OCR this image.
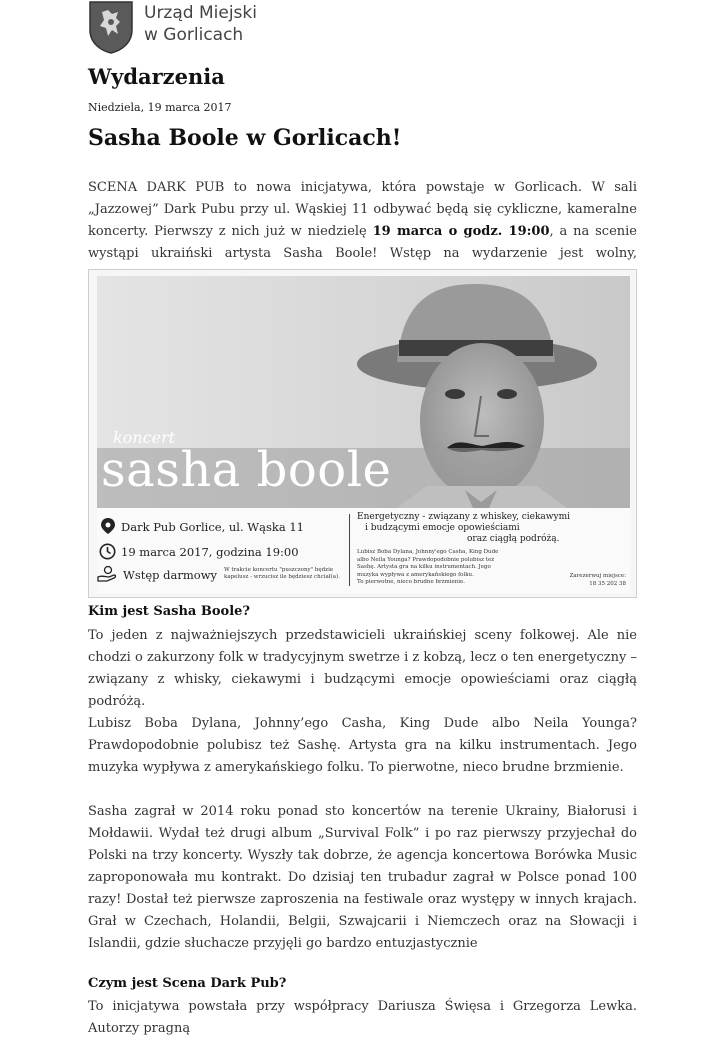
Urząd Miejski
w Gorlicach
Wydarzenia
Niedziela, 19 marca 2017
Sasha Boole w Gorlicach!
SCENA DARK PUB to nowa inicjatywa, która powstaje w Gorlicach. W sali „Jazzowej” Dark Pubu przy ul. Wąskiej 11 odbywać będą się cykliczne, kameralne koncerty. Pierwszy z nich już w niedzielę 19 marca o godz. 19:00, a na scenie wystąpi ukraiński artysta Sasha Boole! Wstęp na wydarzenie jest wolny,
koncert
sasha boole
Dark Pub Gorlice, ul. Wąska 11
19 marca 2017, godzina 19:00
Wstęp darmowy W trakcie koncertu "puszczony" będzie
kapelusz - wrzucisz ile będziesz chciał(a).
Energetyczny - związany z whiskey, ciekawymi
i budzącymi emocje opowieściami
oraz ciągłą podróżą.
Lubisz Boba Dylana, Johnny'ego Casha, King Dude
albo Neila Younga? Prawdopodobnie polubisz też
Sashę. Artysta gra na kilku instrumentach. Jego
muzyka wypływa z amerykańskiego folku.
To pierwotne, nieco brudne brzmienie.
Zarezerwuj miejsce:
18 35 202 38
Kim jest Sasha Boole?
To jeden z najważniejszych przedstawicieli ukraińskiej sceny folkowej. Ale nie chodzi o zakurzony folk w tradycyjnym swetrze i z kobzą, lecz o ten energetyczny – związany z whisky, ciekawymi i budzącymi emocje opowieściami oraz ciągłą podróżą.
Lubisz Boba Dylana, Johnny’ego Casha, King Dude albo Neila Younga? Prawdopodobnie polubisz też Sashę. Artysta gra na kilku instrumentach. Jego muzyka wypływa z amerykańskiego folku. To pierwotne, nieco brudne brzmienie.
Sasha zagrał w 2014 roku ponad sto koncertów na terenie Ukrainy, Białorusi i Mołdawii. Wydał też drugi album „Survival Folk” i po raz pierwszy przyjechał do Polski na trzy koncerty. Wyszły tak dobrze, że agencja koncertowa Borówka Music zaproponowała mu kontrakt. Do dzisiaj ten trubadur zagrał w Polsce ponad 100 razy! Dostał też pierwsze zaproszenia na festiwale oraz występy w innych krajach. Grał w Czechach, Holandii, Belgii, Szwajcarii i Niemczech oraz na Słowacji i Islandii, gdzie słuchacze przyjęli go bardzo entuzjastycznie
Czym jest Scena Dark Pub?
To inicjatywa powstała przy współpracy Dariusza Święsa i Grzegorza Lewka. Autorzy pragną
